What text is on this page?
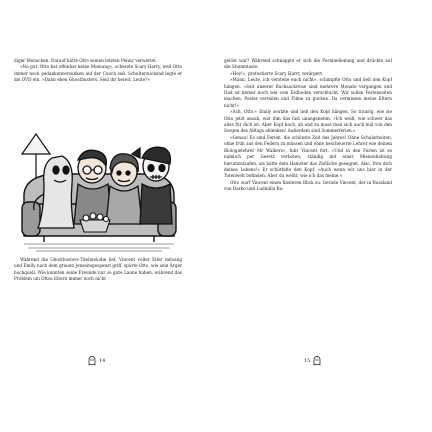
diger Menschen. Darauf hätte Otto seinen letzten Penny verwettet.

»Na gut, Otto hat offenbar keine Meinung«, scherzte Scary Harry, weil Otto immer noch gedankenversunken auf der Couch saß. Schulterzuckend legte er die DVD ein. »Dann eben Ghostbusters. Seid ihr bereit, Leute?«

Während die Ghostbusters-Titelmelodie lief, Vincent voller Eifer mitsang und Emily nach dem grauen Jenseitsgespenst griff, spürte Otto, wie sein Ärger hochquoll. Wie konnten seine Freunde nur so gute Laune haben, während das Problem um Ottos Eltern immer noch nicht

14

gelöst war? Während schnappte er sich die Fernbedienung und drückte auf die Stummtaste.

»Hey!«, protestierte Scary Harry verärgert.

»Mann, Leute, ich verstehe euch nicht«, schimpfte Otto und ließ den Kopf hängen. »Seit unserer Rucksackreise sind mehrere Monate vergangen und Dad ist immer noch wie vom Erdboden verschluckt. Wir sollen Ferienseiten machen, Poster verteilen und Filme zu gucken. Da vermissen meine Eltern nicht!«

»Ach, Otto.« Emily seufzte und ließ den Kopf hängen. So traurig, wie sie Otto jetzt ansah, war ihm das fast unangenehm. »Ich weiß, wie schwer das alles für dich ist. Aber Kopf hoch, ab und zu muss man sich auch mal von den Sorgen des Alltags ablenken! Außerdem sind Sommerferien.«

»Genau! Es sind Ferien, die schönste Zeit des Jahres! Ohne Schularbeiten, ohne früh aus den Federn zu müssen und ohne bescheuerte Lehrer wie deinen Biologielehrer Mr Walkers«, fuhr Vincent fort. »Und in den Ferien ist es nämlich per Gesetz verboten, ständig mit einer Mienenhaltung herumzulaufen, als hätte dein Hamster das Zeitliche gesegnet. Also, freu dich deines Lebens!« Er schüttelte den Kopf. »Auch wenn wir uns hier in der Totenwelt befinden. Aber du weißt, wie ich das meine.«

Otto warf Vincent einen finsteren Blick zu. Gerade Vincent, der in Russland von Darko und Ludmilla Ra-

15
